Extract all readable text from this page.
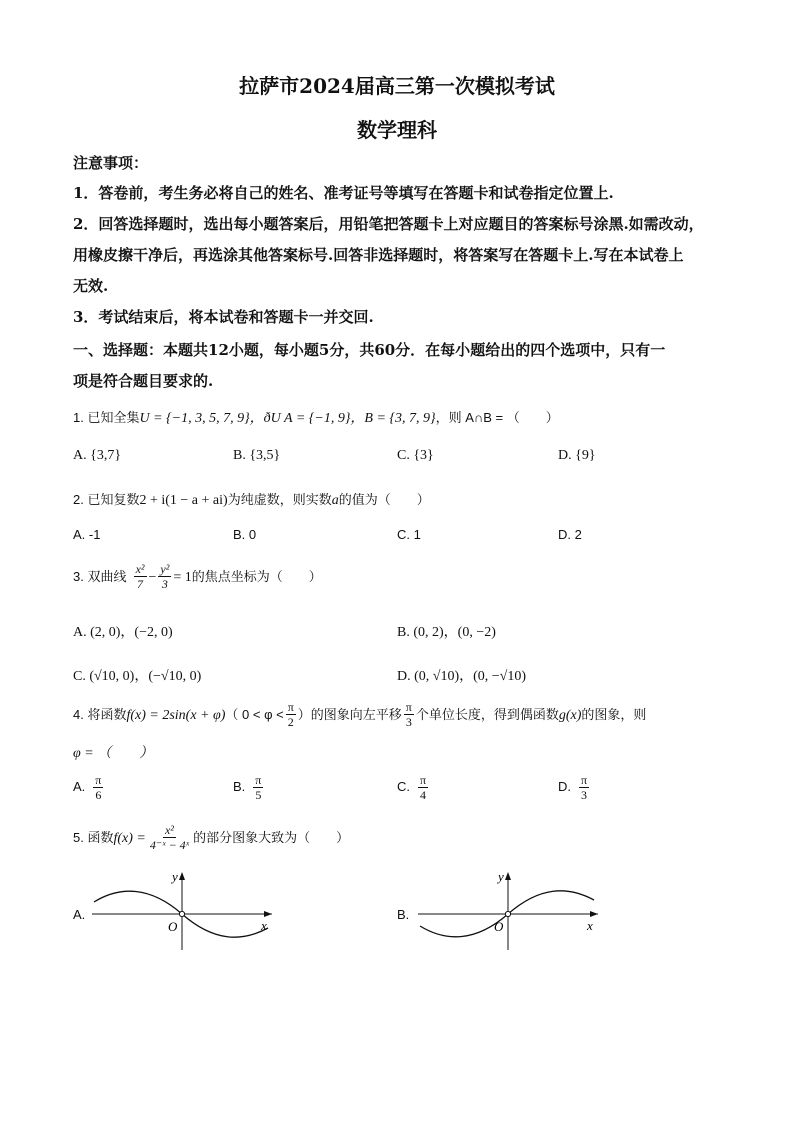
拉萨市2024届高三第一次模拟考试
数学理科
注意事项：
1．答卷前，考生务必将自己的姓名、准考证号等填写在答题卡和试卷指定位置上.
2．回答选择题时，选出每小题答案后，用铅笔把答题卡上对应题目的答案标号涂黑.如需改动，
用橡皮擦干净后，再选涂其他答案标号.回答非选择题时，将答案写在答题卡上.写在本试卷上
无效.
3．考试结束后，将本试卷和答题卡一并交回.
一、选择题：本题共12小题，每小题5分，共60分．在每小题给出的四个选项中，只有一
项是符合题目要求的.
1. 已知全集U = {−1, 3, 5, 7, 9}，ðU A = {−1, 9}，B = {3, 7, 9}，则 A∩B = （　　）
A. {3,7}	B. {3,5}	C. {3}	D. {9}
2. 已知复数2 + i(1 − a + ai)为纯虚数，则实数a的值为（　　）
A. -1	B. 0	C. 1	D. 2
3. 双曲线 $\frac{\text{x²}}{7} - \frac{\text{y²}}{3} = 1$的焦点坐标为（　　）
A. (2, 0)，(−2, 0)	B. (0, 2)，(0, −2)
C. (√10, 0)，(−√10, 0)	D. (0, √10)，(0, −√10)
4. 将函数f(x) = 2sin(x + φ)（ $0 < \varphi < \frac{\pi}{2}$ ）的图象向左平移 $\frac{\pi}{3}$ 个单位长度，得到偶函数g(x)的图象，则
φ = （　　）
A. $\frac{\pi}{6}$	B. $\frac{\pi}{5}$	C. $\frac{\pi}{4}$	D. $\frac{\pi}{3}$
5. 函数$f(x) = \frac{\text{x²}}{\text{4⁻ˣ − 4ˣ}}$ 的部分图象大致为（　　）
A.
y
x
O
B.
y
x
O
